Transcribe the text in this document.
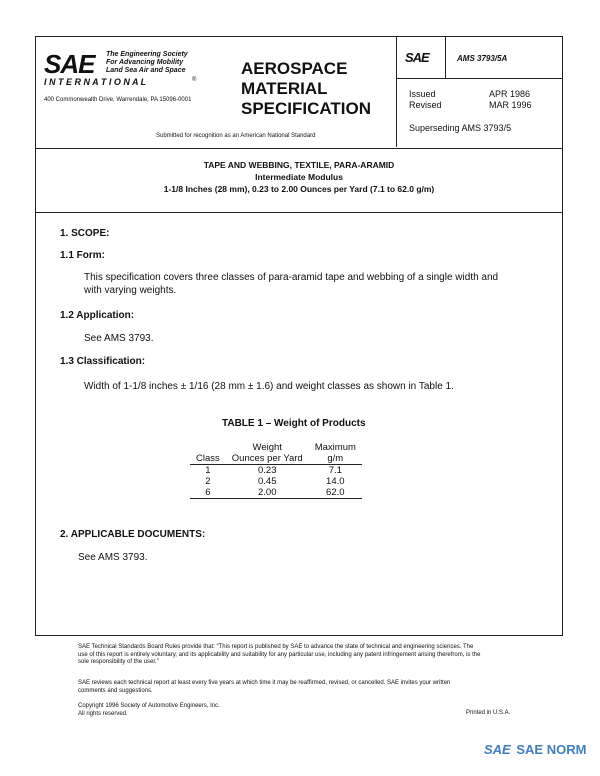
SAE The Engineering Society
For Advancing Mobility
Land Sea Air and Space
®
I N T E R N A T I O N A L
400 Commonwealth Drive, Warrendale, PA 15096-0001
AEROSPACE
MATERIAL
SPECIFICATION
Submitted for recognition as an American National Standard
SAE	AMS 3793/5A
Issued	APR 1986
Revised	MAR 1996
Superseding AMS 3793/5
TAPE AND WEBBING, TEXTILE, PARA-ARAMID
Intermediate Modulus
1-1/8 Inches (28 mm), 0.23 to 2.00 Ounces per Yard (7.1 to 62.0 g/m)
1. SCOPE:
1.1 Form:
This specification covers three classes of para-aramid tape and webbing of a single width and
with varying weights.
1.2 Application:
See AMS 3793.
1.3 Classification:
Width of 1-1/8 inches ± 1/16 (28 mm ± 1.6) and weight classes as shown in Table 1.
TABLE 1 – Weight of Products
	Weight	Maximum
Class	Ounces per Yard	g/m
1	0.23	7.1
2	0.45	14.0
6	2.00	62.0
2. APPLICABLE DOCUMENTS:
See AMS 3793.
SAE Technical Standards Board Rules provide that: “This report is published by SAE to advance the state of technical and engineering sciences. The
use of this report is entirely voluntary, and its applicability and suitability for any particular use, including any patent infringement arising therefrom, is the
sole responsibility of the user.”
SAE reviews each technical report at least every five years at which time it may be reaffirmed, revised, or cancelled. SAE invites your written
comments and suggestions.
Copyright 1996 Society of Automotive Engineers, Inc.
All rights reserved.	Printed in U.S.A.
SAE SAE NORM
